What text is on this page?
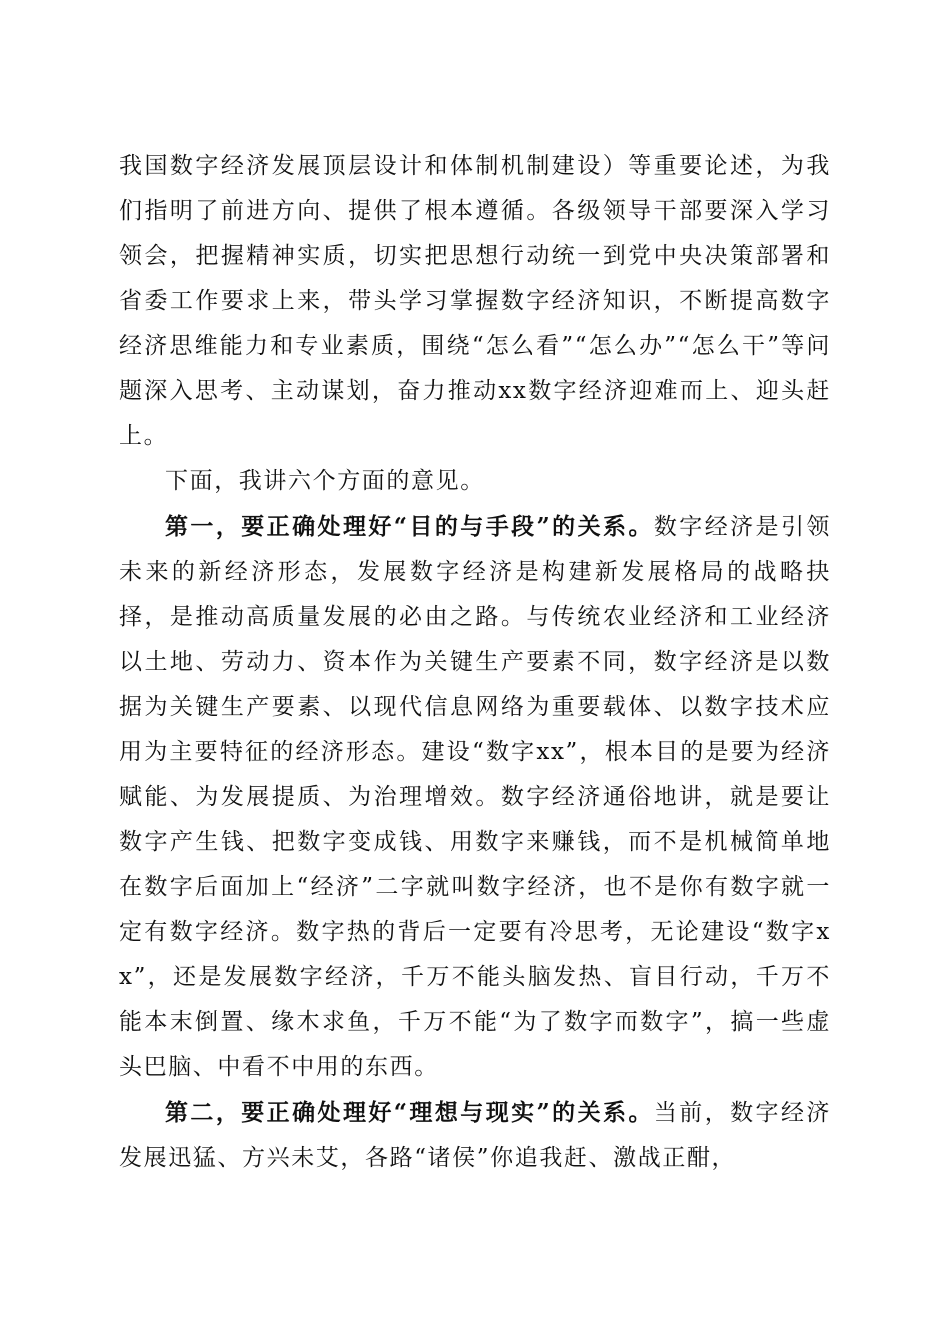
我国数字经济发展顶层设计和体制机制建设）等重要论述，为我们指明了前进方向、提供了根本遵循。各级领导干部要深入学习领会，把握精神实质，切实把思想行动统一到党中央决策部署和省委工作要求上来，带头学习掌握数字经济知识，不断提高数字经济思维能力和专业素质，围绕“怎么看”“怎么办”“怎么干”等问题深入思考、主动谋划，奋力推动xx数字经济迎难而上、迎头赶上。

下面，我讲六个方面的意见。

第一，要正确处理好“目的与手段”的关系。数字经济是引领未来的新经济形态，发展数字经济是构建新发展格局的战略抉择，是推动高质量发展的必由之路。与传统农业经济和工业经济以土地、劳动力、资本作为关键生产要素不同，数字经济是以数据为关键生产要素、以现代信息网络为重要载体、以数字技术应用为主要特征的经济形态。建设“数字xx”，根本目的是要为经济赋能、为发展提质、为治理增效。数字经济通俗地讲，就是要让数字产生钱、把数字变成钱、用数字来赚钱，而不是机械简单地在数字后面加上“经济”二字就叫数字经济，也不是你有数字就一定有数字经济。数字热的背后一定要有冷思考，无论建设“数字xx”，还是发展数字经济，千万不能头脑发热、盲目行动，千万不能本末倒置、缘木求鱼，千万不能“为了数字而数字”，搞一些虚头巴脑、中看不中用的东西。

第二，要正确处理好“理想与现实”的关系。当前，数字经济发展迅猛、方兴未艾，各路“诸侯”你追我赶、激战正酣，
